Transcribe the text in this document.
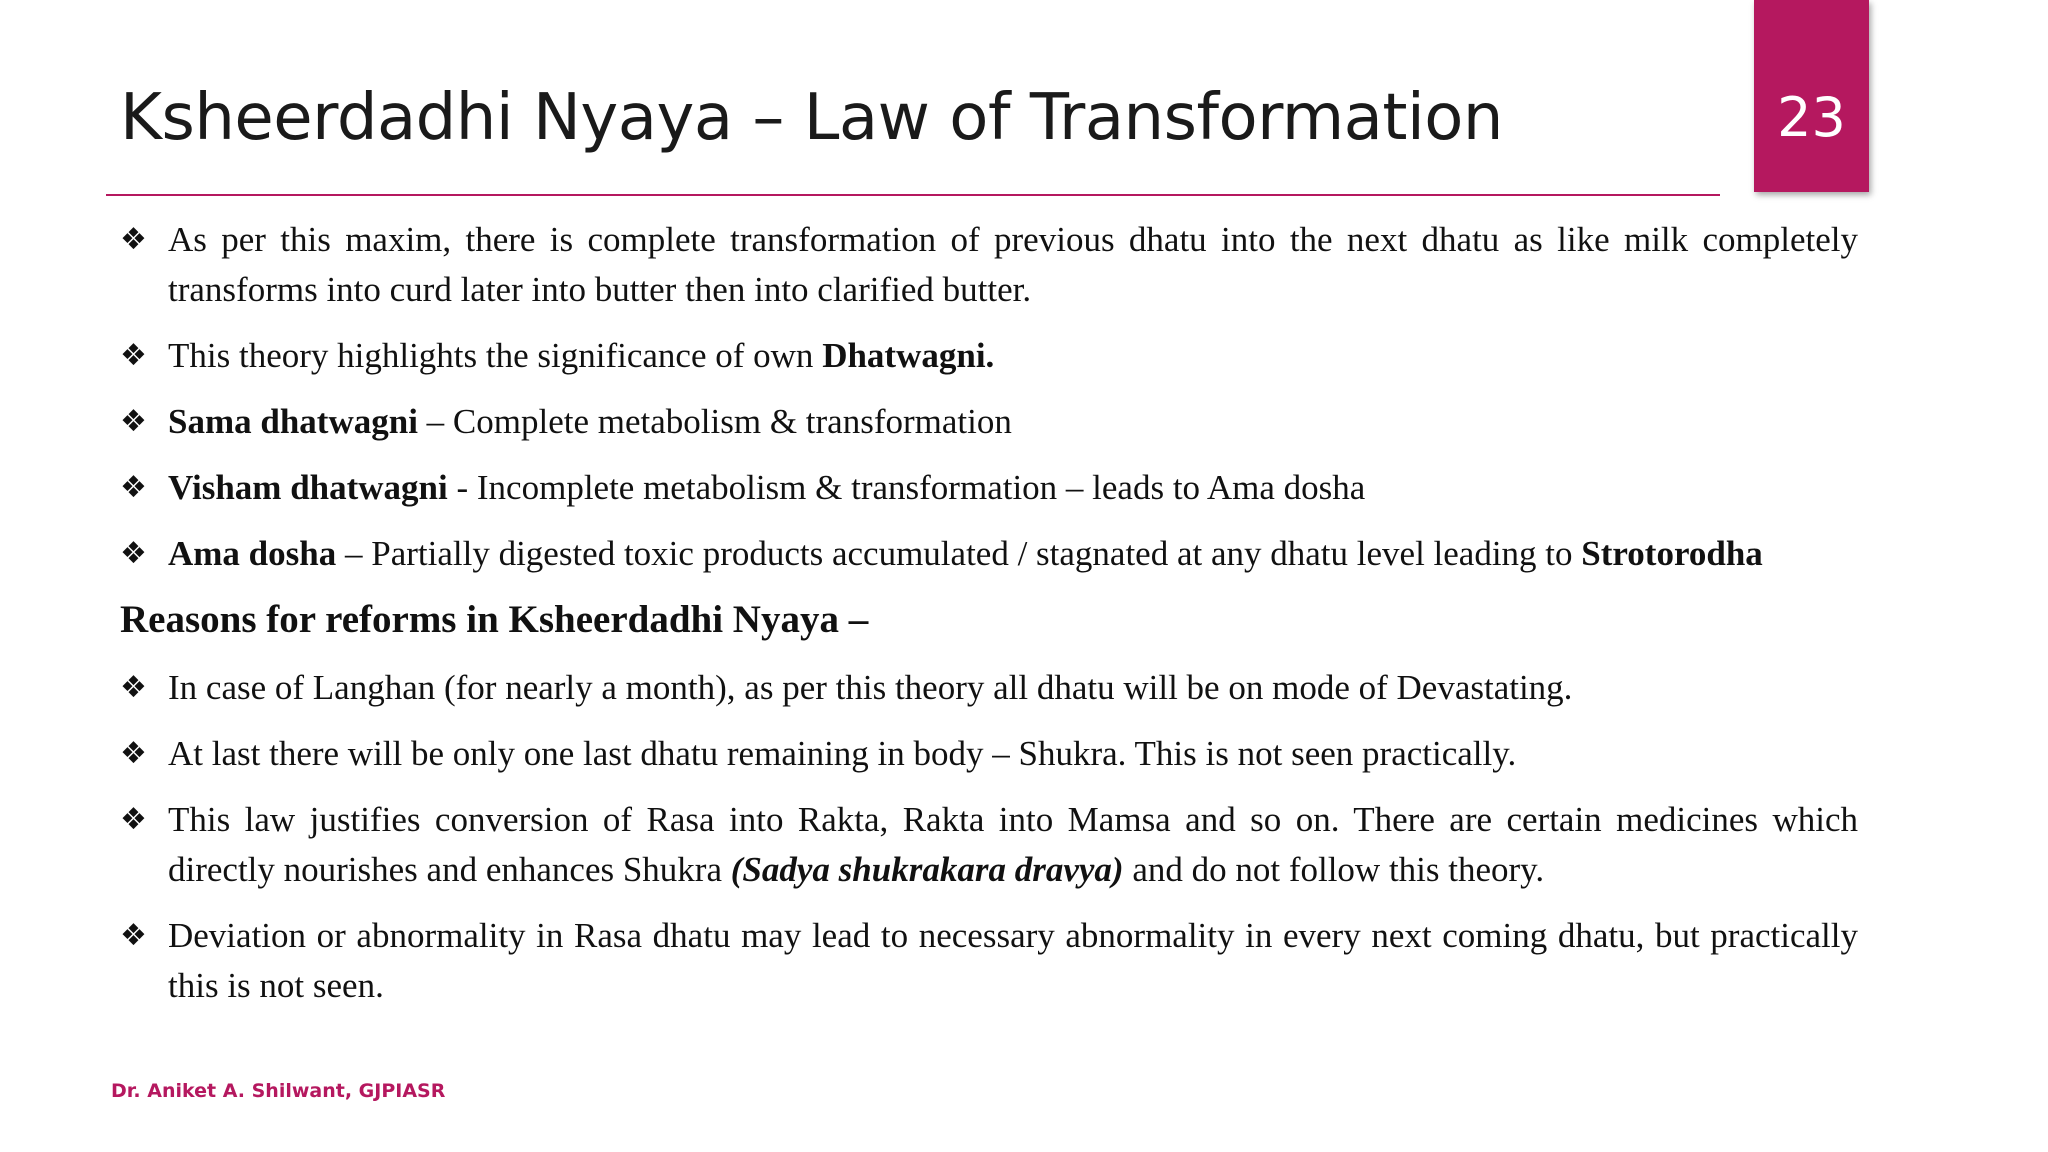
Ksheerdadhi Nyaya – Law of Transformation	23
❖ As per this maxim, there is complete transformation of previous dhatu into the next dhatu as like milk completely transforms into curd later into butter then into clarified butter.
❖ This theory highlights the significance of own Dhatwagni.
❖ Sama dhatwagni – Complete metabolism & transformation
❖ Visham dhatwagni - Incomplete metabolism & transformation – leads to Ama dosha
❖ Ama dosha – Partially digested toxic products accumulated / stagnated at any dhatu level leading to Strotorodha
Reasons for reforms in Ksheerdadhi Nyaya –
❖ In case of Langhan (for nearly a month), as per this theory all dhatu will be on mode of Devastating.
❖ At last there will be only one last dhatu remaining in body – Shukra. This is not seen practically.
❖ This law justifies conversion of Rasa into Rakta, Rakta into Mamsa and so on. There are certain medicines which directly nourishes and enhances Shukra (Sadya shukrakara dravya) and do not follow this theory.
❖ Deviation or abnormality in Rasa dhatu may lead to necessary abnormality in every next coming dhatu, but practically this is not seen.
Dr. Aniket A. Shilwant, GJPIASR
